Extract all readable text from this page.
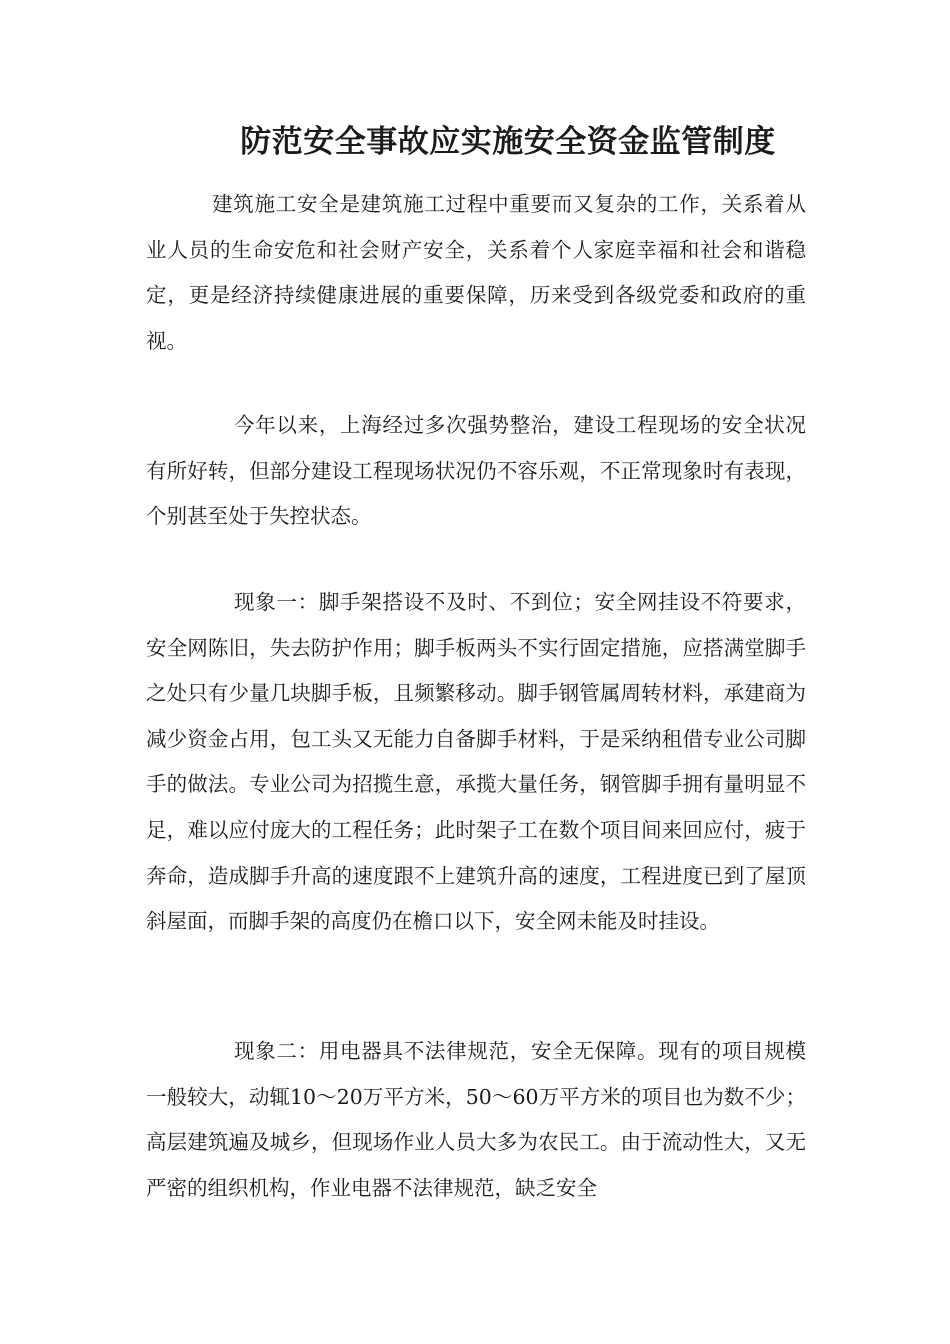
防范安全事故应实施安全资金监管制度

建筑施工安全是建筑施工过程中重要而又复杂的工作，关系着从业人员的生命安危和社会财产安全，关系着个人家庭幸福和社会和谐稳定，更是经济持续健康进展的重要保障，历来受到各级党委和政府的重视。

今年以来，上海经过多次强势整治，建设工程现场的安全状况有所好转，但部分建设工程现场状况仍不容乐观，不正常现象时有表现，个别甚至处于失控状态。

现象一：脚手架搭设不及时、不到位；安全网挂设不符要求，安全网陈旧，失去防护作用；脚手板两头不实行固定措施，应搭满堂脚手之处只有少量几块脚手板，且频繁移动。脚手钢管属周转材料，承建商为减少资金占用，包工头又无能力自备脚手材料，于是采纳租借专业公司脚手的做法。专业公司为招揽生意，承揽大量任务，钢管脚手拥有量明显不足，难以应付庞大的工程任务；此时架子工在数个项目间来回应付，疲于奔命，造成脚手升高的速度跟不上建筑升高的速度，工程进度已到了屋顶斜屋面，而脚手架的高度仍在檐口以下，安全网未能及时挂设。

现象二：用电器具不法律规范，安全无保障。现有的项目规模一般较大，动辄10～20万平方米，50～60万平方米的项目也为数不少；高层建筑遍及城乡，但现场作业人员大多为农民工。由于流动性大，又无严密的组织机构，作业电器不法律规范，缺乏安全
